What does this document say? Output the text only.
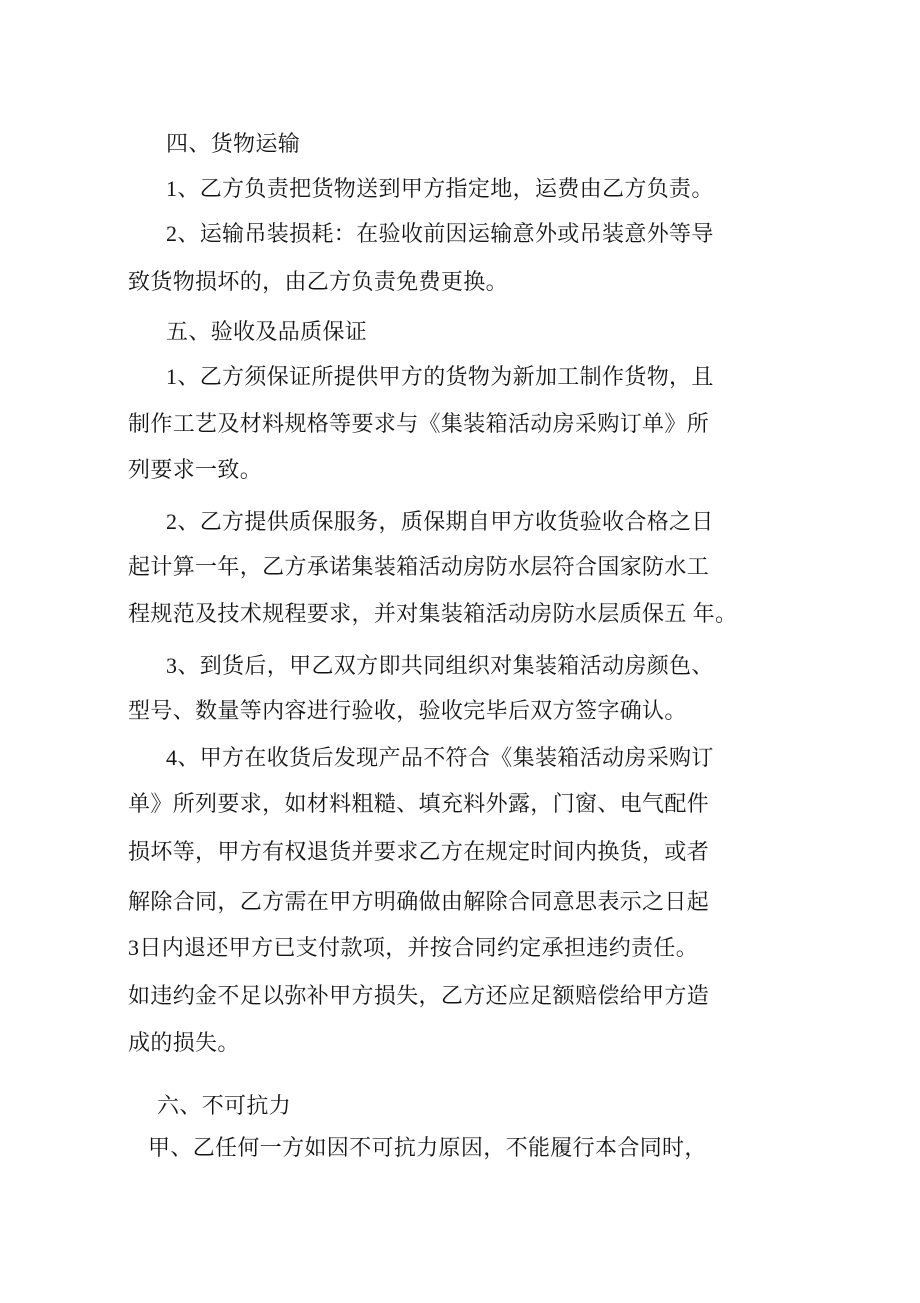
四、货物运输
1、乙方负责把货物送到甲方指定地，运费由乙方负责。
2、运输吊装损耗：在验收前因运输意外或吊装意外等导
致货物损坏的，由乙方负责免费更换。
五、验收及品质保证
1、乙方须保证所提供甲方的货物为新加工制作货物，且
制作工艺及材料规格等要求与《集装箱活动房采购订单》所
列要求一致。
2、乙方提供质保服务，质保期自甲方收货验收合格之日
起计算一年，乙方承诺集装箱活动房防水层符合国家防水工
程规范及技术规程要求，并对集装箱活动房防水层质保五 年。
3、到货后，甲乙双方即共同组织对集装箱活动房颜色、
型号、数量等内容进行验收，验收完毕后双方签字确认。
4、甲方在收货后发现产品不符合《集装箱活动房采购订
单》所列要求，如材料粗糙、填充料外露，门窗、电气配件
损坏等，甲方有权退货并要求乙方在规定时间内换货，或者
解除合同，乙方需在甲方明确做由解除合同意思表示之日起
3日内退还甲方已支付款项，并按合同约定承担违约责任。
如违约金不足以弥补甲方损失，乙方还应足额赔偿给甲方造
成的损失。
六、不可抗力
甲、乙任何一方如因不可抗力原因，不能履行本合同时，
